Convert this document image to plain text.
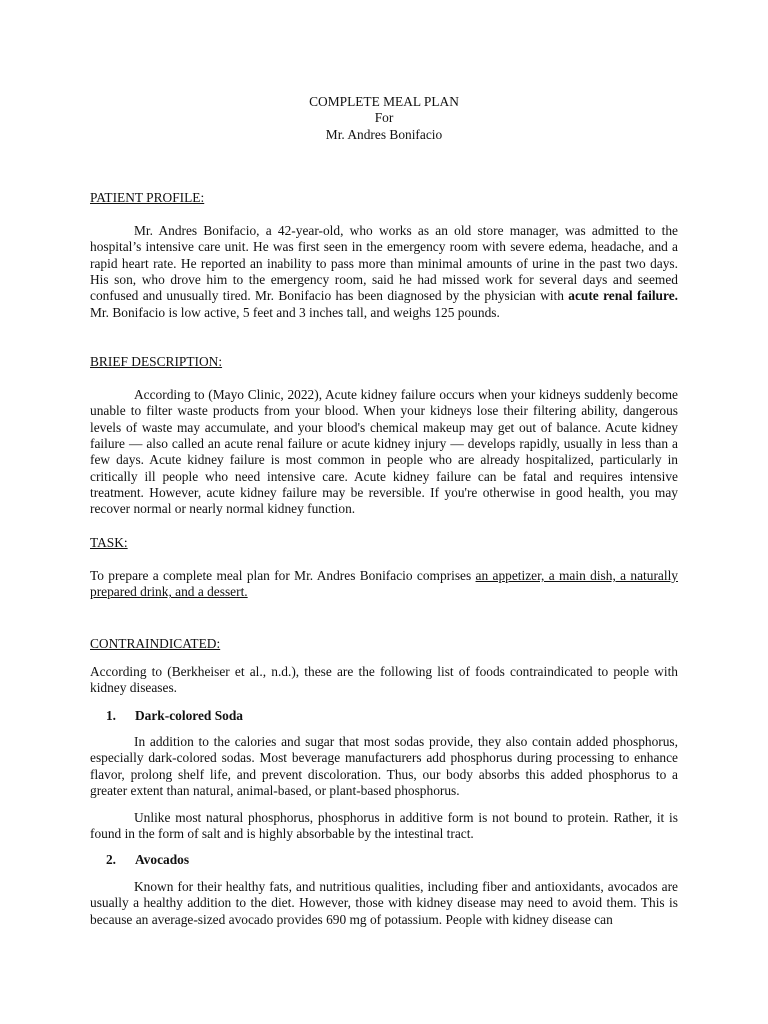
COMPLETE MEAL PLAN
For
Mr. Andres Bonifacio
PATIENT PROFILE:

Mr. Andres Bonifacio, a 42-year-old, who works as an old store manager, was admitted to the hospital’s intensive care unit. He was first seen in the emergency room with severe edema, headache, and a rapid heart rate. He reported an inability to pass more than minimal amounts of urine in the past two days. His son, who drove him to the emergency room, said he had missed work for several days and seemed confused and unusually tired. Mr. Bonifacio has been diagnosed by the physician with acute renal failure. Mr. Bonifacio is low active, 5 feet and 3 inches tall, and weighs 125 pounds.

BRIEF DESCRIPTION:

According to (Mayo Clinic, 2022), Acute kidney failure occurs when your kidneys suddenly become unable to filter waste products from your blood. When your kidneys lose their filtering ability, dangerous levels of waste may accumulate, and your blood's chemical makeup may get out of balance. Acute kidney failure — also called an acute renal failure or acute kidney injury — develops rapidly, usually in less than a few days. Acute kidney failure is most common in people who are already hospitalized, particularly in critically ill people who need intensive care. Acute kidney failure can be fatal and requires intensive treatment. However, acute kidney failure may be reversible. If you're otherwise in good health, you may recover normal or nearly normal kidney function.

TASK:

To prepare a complete meal plan for Mr. Andres Bonifacio comprises an appetizer, a main dish, a naturally prepared drink, and a dessert.

CONTRAINDICATED:

According to (Berkheiser et al., n.d.), these are the following list of foods contraindicated to people with kidney diseases.

1. Dark-colored Soda

In addition to the calories and sugar that most sodas provide, they also contain added phosphorus, especially dark-colored sodas. Most beverage manufacturers add phosphorus during processing to enhance flavor, prolong shelf life, and prevent discoloration. Thus, our body absorbs this added phosphorus to a greater extent than natural, animal-based, or plant-based phosphorus.

Unlike most natural phosphorus, phosphorus in additive form is not bound to protein. Rather, it is found in the form of salt and is highly absorbable by the intestinal tract.

2. Avocados

Known for their healthy fats, and nutritious qualities, including fiber and antioxidants, avocados are usually a healthy addition to the diet. However, those with kidney disease may need to avoid them. This is because an average-sized avocado provides 690 mg of potassium. People with kidney disease can
